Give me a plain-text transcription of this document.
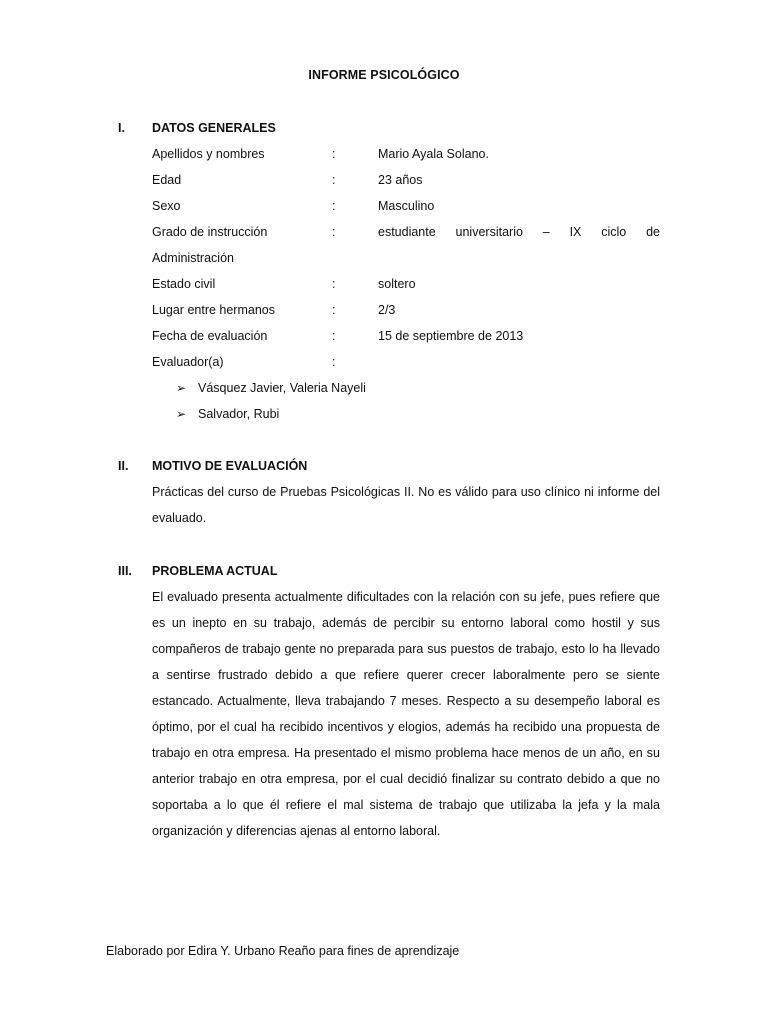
INFORME PSICOLÓGICO
I. DATOS GENERALES
Apellidos y nombres	:	Mario Ayala Solano.
Edad	:	23 años
Sexo	:	Masculino
Grado de instrucción	:	estudiante universitario – IX ciclo de
Administración
Estado civil	:	soltero
Lugar entre hermanos	:	2/3
Fecha de evaluación	:	15 de septiembre de 2013
Evaluador(a)	:
➢ Vásquez Javier, Valeria Nayeli
➢ Salvador, Rubi
II. MOTIVO DE EVALUACIÓN
Prácticas del curso de Pruebas Psicológicas II. No es válido para uso clínico ni informe del
evaluado.
III. PROBLEMA ACTUAL
El evaluado presenta actualmente dificultades con la relación con su jefe, pues refiere que
es un inepto en su trabajo, además de percibir su entorno laboral como hostil y sus
compañeros de trabajo gente no preparada para sus puestos de trabajo, esto lo ha llevado
a sentirse frustrado debido a que refiere querer crecer laboralmente pero se siente
estancado. Actualmente, lleva trabajando 7 meses. Respecto a su desempeño laboral es
óptimo, por el cual ha recibido incentivos y elogios, además ha recibido una propuesta de
trabajo en otra empresa. Ha presentado el mismo problema hace menos de un año, en su
anterior trabajo en otra empresa, por el cual decidió finalizar su contrato debido a que no
soportaba a lo que él refiere el mal sistema de trabajo que utilizaba la jefa y la mala
organización y diferencias ajenas al entorno laboral.
Elaborado por Edira Y. Urbano Reaño para fines de aprendizaje
